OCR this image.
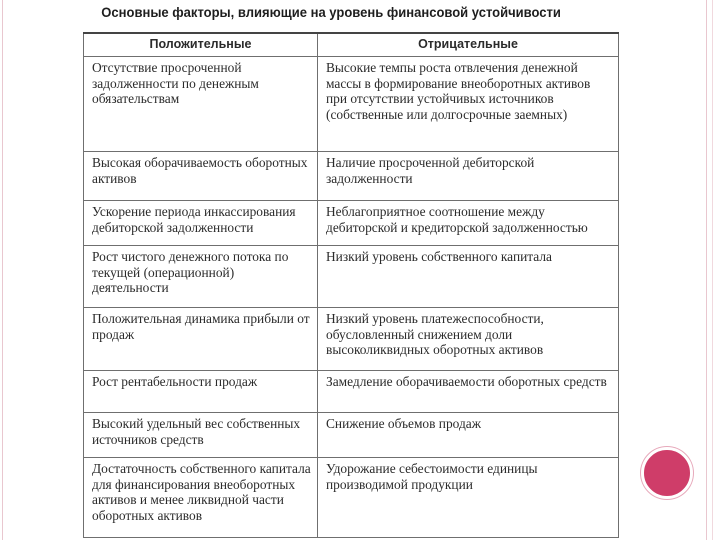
Основные факторы, влияющие на уровень финансовой устойчивости
Положительные	Отрицательные
Отсутствие просроченной задолженности по денежным обязательствам	Высокие темпы роста отвлечения денежной массы в формирование внеоборотных активов при отсутствии устойчивых источников (собственные или долгосрочные заемных)
Высокая оборачиваемость оборотных активов	Наличие просроченной дебиторской задолженности
Ускорение периода инкассирования дебиторской задолженности	Неблагоприятное соотношение между дебиторской и кредиторской задолженностью
Рост чистого денежного потока по текущей (операционной) деятельности	Низкий уровень собственного капитала
Положительная динамика прибыли от продаж	Низкий уровень платежеспособности, обусловленный снижением доли высоколиквидных оборотных активов
Рост рентабельности продаж	Замедление оборачиваемости оборотных средств
Высокий удельный вес собственных источников средств	Снижение объемов продаж
Достаточность собственного капитала для финансирования внеоборотных активов и менее ликвидной части оборотных активов	Удорожание себестоимости единицы производимой продукции
